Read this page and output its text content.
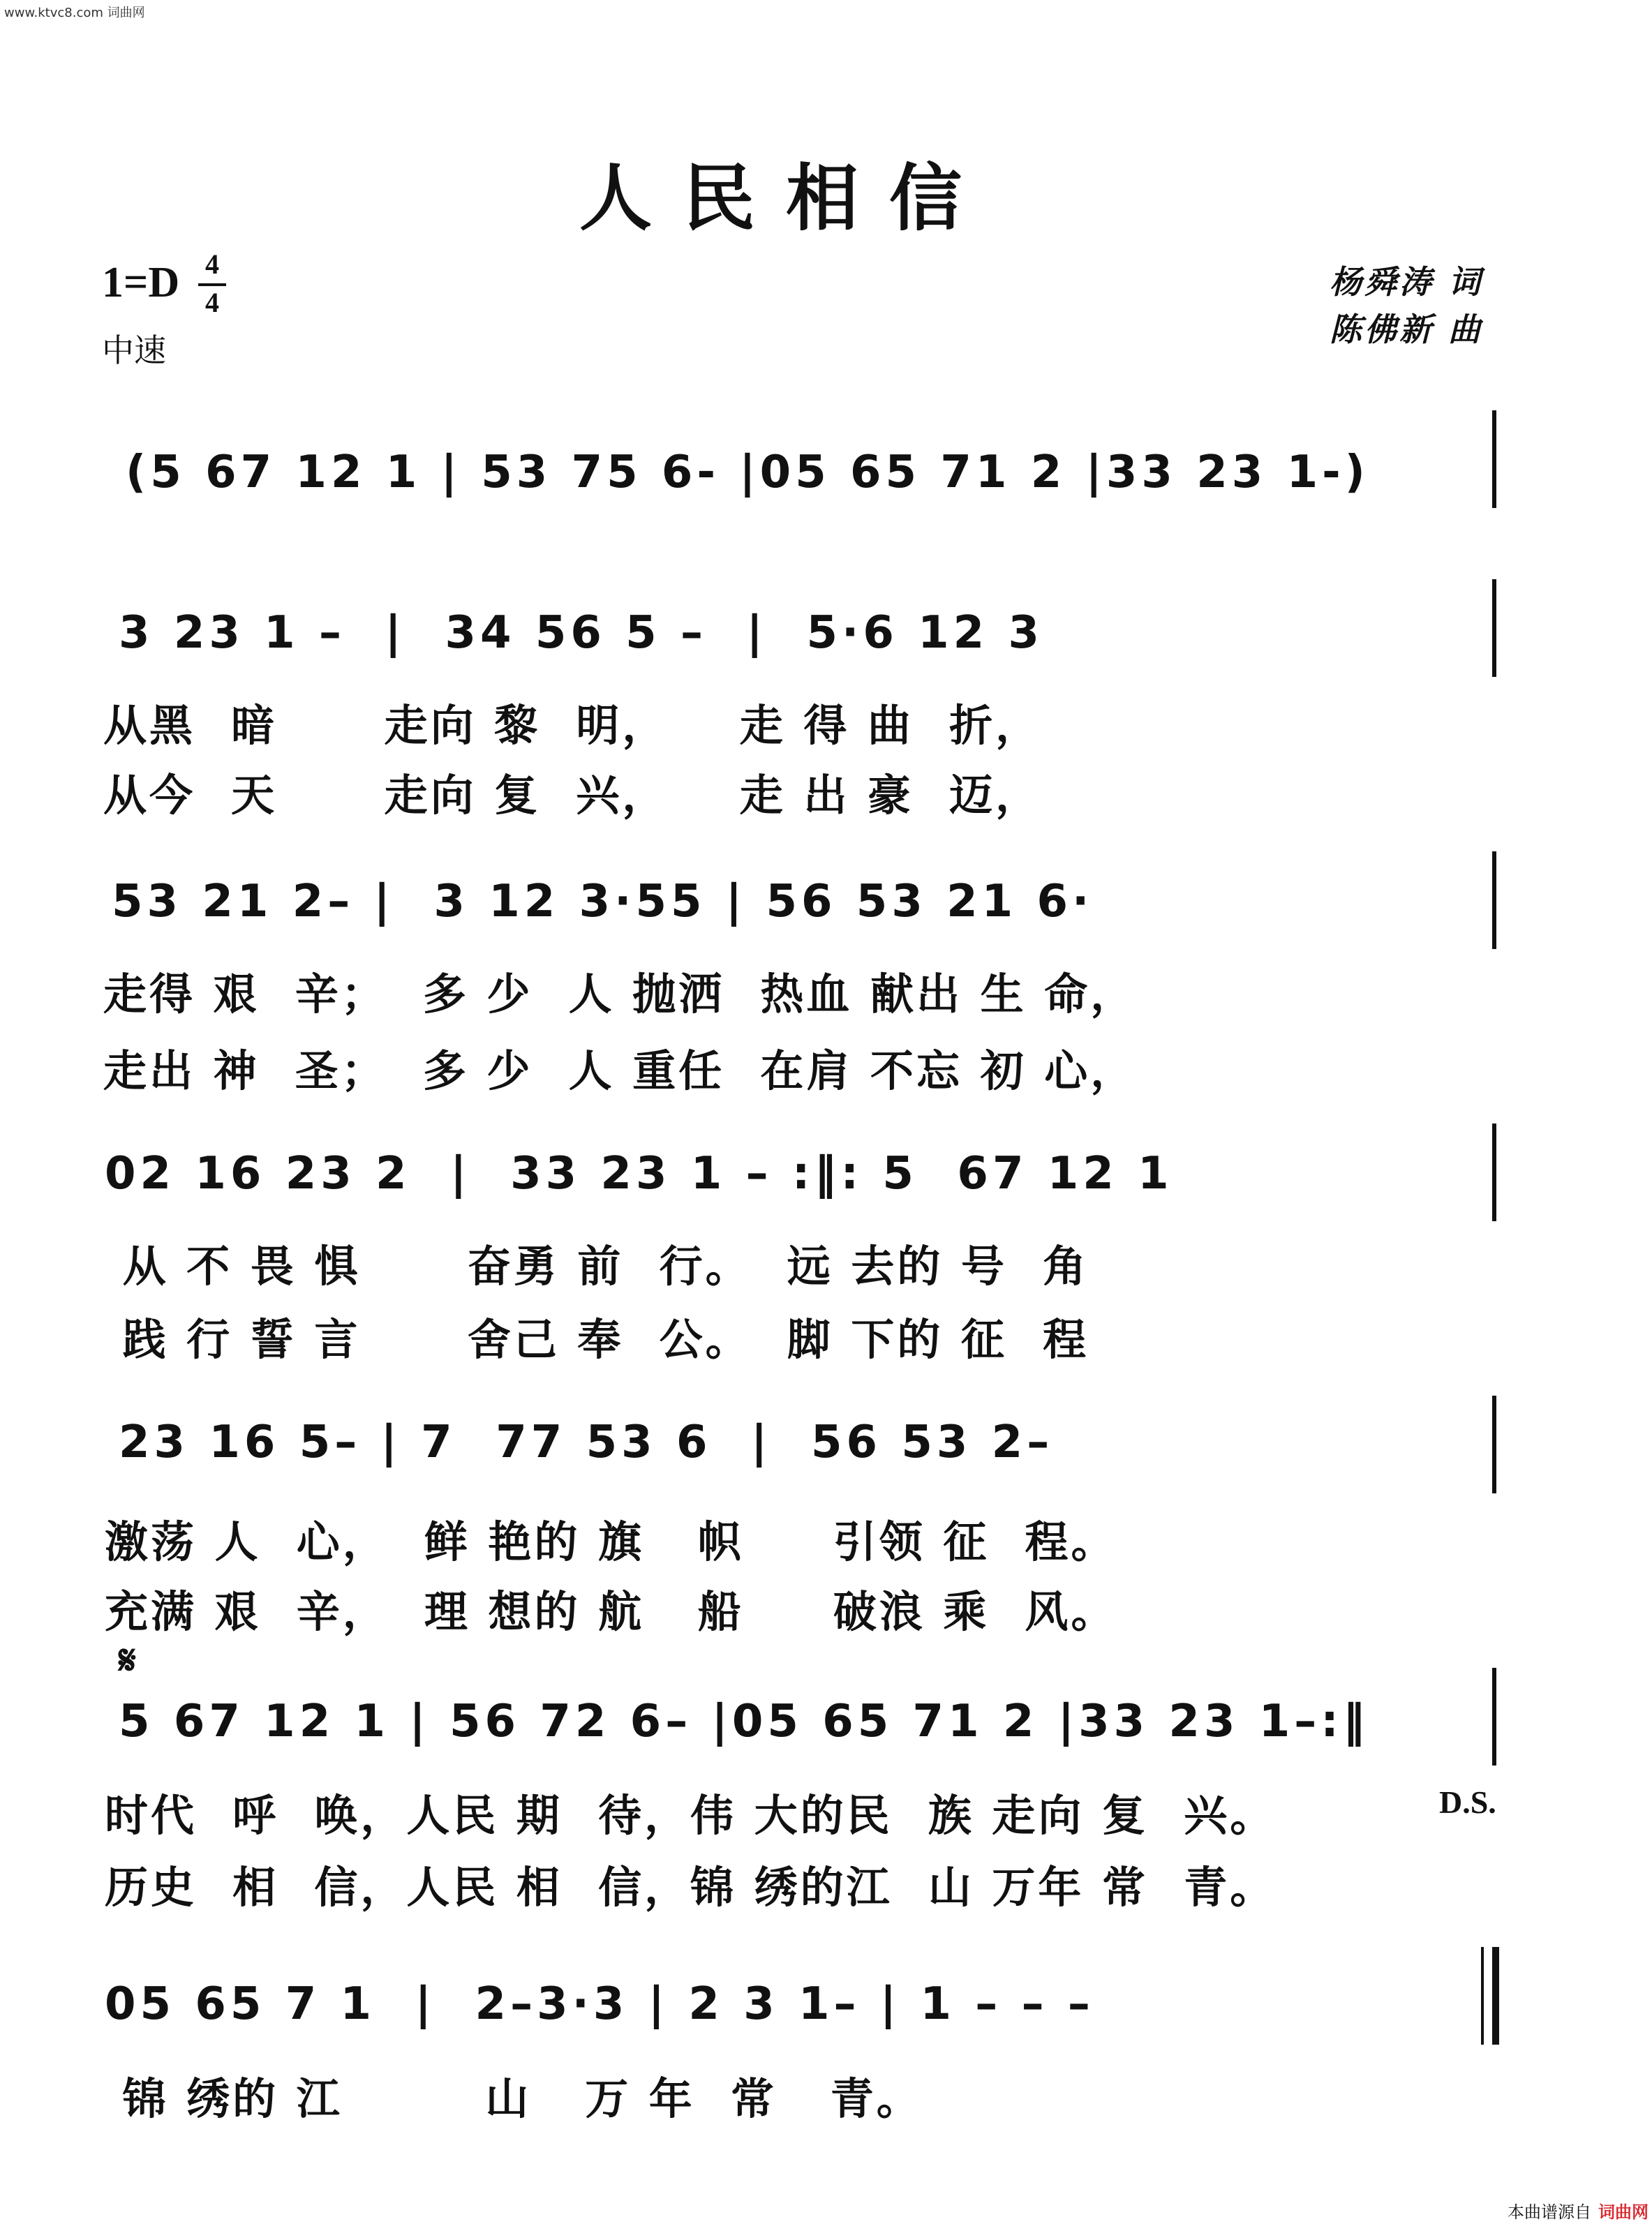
www.ktvc8.com 词曲网
人民相信
1=D 4
4
中速
杨舜涛 词
陈佛新 曲
(5 67 12 1 | 53 75 6- |05 65 71 2 |33 23 1-)
3 23 1 –  |  34 56 5 –  |  5·6 12 3
从黑  暗      走向 黎  明，    走 得 曲  折，
从今  天      走向 复  兴，    走 出 豪  迈，
53 21 2– |  3 12 3·55 | 56 53 21 6·
走得 艰  辛；  多 少  人 抛洒  热血 献出 生 命，
走出 神  圣；  多 少  人 重任  在肩 不忘 初 心，
02 16 23 2  |  33 23 1 – :‖: 5  67 12 1
从 不 畏 惧      奋勇 前  行。  远 去的 号  角
践 行 誓 言      舍己 奉  公。  脚 下的 征  程
23 16 5– | 7  77 53 6  |  56 53 2–
激荡 人  心，  鲜 艳的 旗   帜     引领 征  程。
充满 艰  辛，  理 想的 航   船     破浪 乘  风。
𝄋
5 67 12 1 | 56 72 6– |05 65 71 2 |33 23 1–:‖
时代  呼  唤，人民 期  待，伟 大的民  族 走向 复  兴。	D.S.
历史  相  信，人民 相  信，锦 绣的江  山 万年 常  青。
05 65 7 1  |  2–3·3 | 2 3 1– | 1 – – –
锦 绣的 江        山   万 年  常   青。
本曲谱源自 词曲网
